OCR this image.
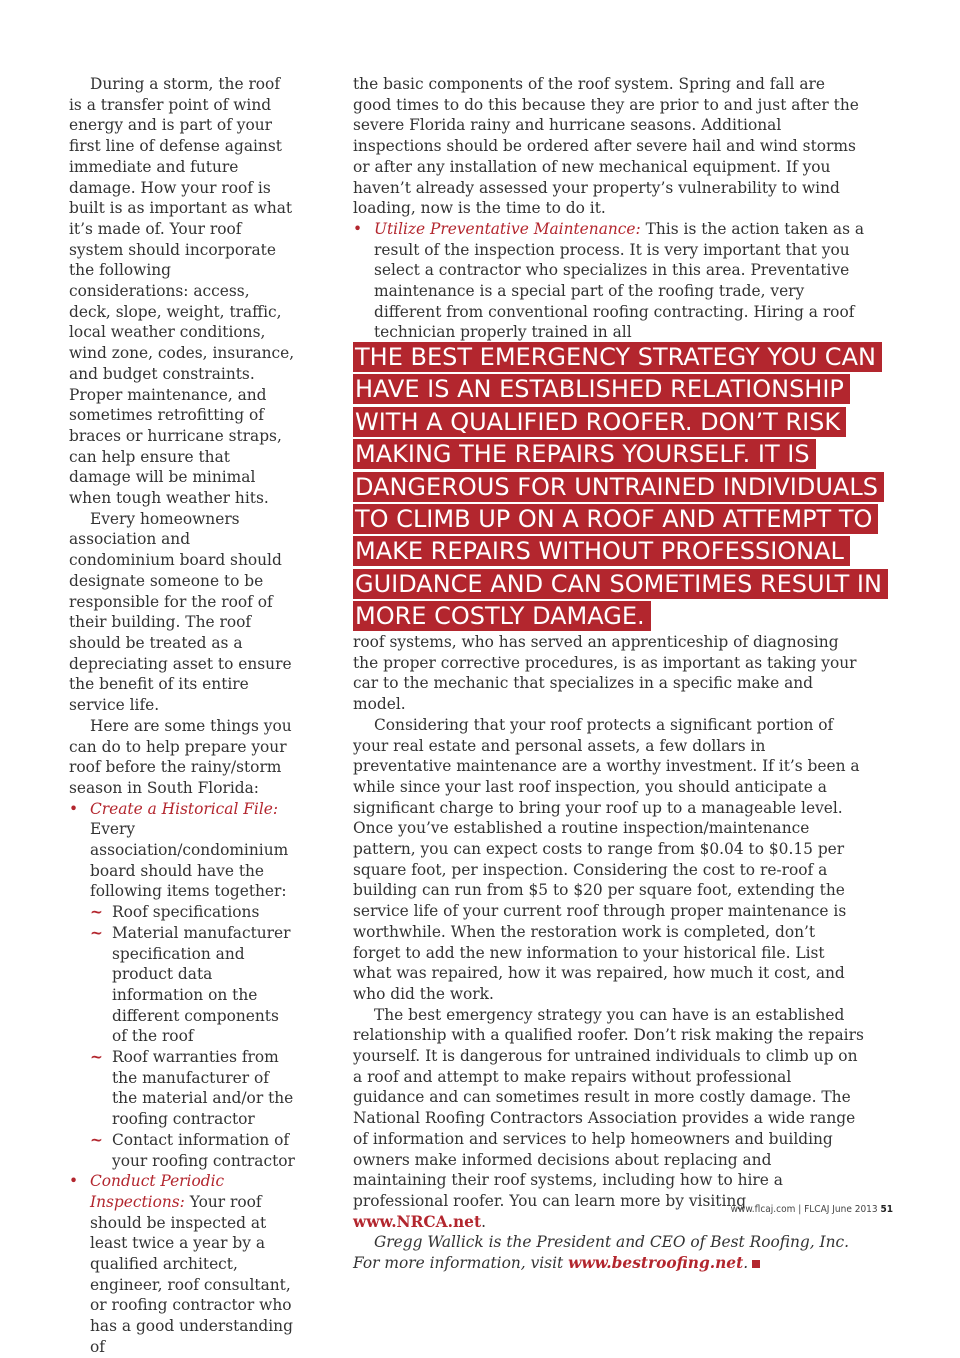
During a storm, the roof is a transfer point of wind energy and is part of your first line of defense against immediate and future damage. How your roof is built is as important as what it’s made of. Your roof system should incorporate the following considerations: access, deck, slope, weight, traffic, local weather conditions, wind zone, codes, insurance, and budget constraints. Proper maintenance, and sometimes retrofitting of braces or hurricane straps, can help ensure that damage will be minimal when tough weather hits.

Every homeowners association and condominium board should designate someone to be responsible for the roof of their building. The roof should be treated as a depreciating asset to ensure the benefit of its entire service life.

Here are some things you can do to help prepare your roof before the rainy/storm season in South Florida:

• Create a Historical File: Every association/condominium board should have the following items together:
~ Roof specifications
~ Material manufacturer specification and product data information on the different components of the roof
~ Roof warranties from the manufacturer of the material and/or the roofing contractor
~ Contact information of your roofing contractor
• Conduct Periodic Inspections: Your roof should be inspected at least twice a year by a qualified architect, engineer, roof consultant, or roofing contractor who has a good understanding of

the basic components of the roof system. Spring and fall are good times to do this because they are prior to and just after the severe Florida rainy and hurricane seasons. Additional inspections should be ordered after severe hail and wind storms or after any installation of new mechanical equipment. If you haven’t already assessed your property’s vulnerability to wind loading, now is the time to do it.

• Utilize Preventative Maintenance: This is the action taken as a result of the inspection process. It is very important that you select a contractor who specializes in this area. Preventative maintenance is a special part of the roofing trade, very different from conventional roofing contracting. Hiring a roof technician properly trained in all
THE BEST EMERGENCY STRATEGY YOU CAN HAVE IS AN ESTABLISHED RELATIONSHIP WITH A QUALIFIED ROOFER. DON’T RISK MAKING THE REPAIRS YOURSELF. IT IS DANGEROUS FOR UNTRAINED INDIVIDUALS TO CLIMB UP ON A ROOF AND ATTEMPT TO MAKE REPAIRS WITHOUT PROFESSIONAL GUIDANCE AND CAN SOMETIMES RESULT IN MORE COSTLY DAMAGE.

roof systems, who has served an apprenticeship of diagnosing the proper corrective procedures, is as important as taking your car to the mechanic that specializes in a specific make and model.

Considering that your roof protects a significant portion of your real estate and personal assets, a few dollars in preventative maintenance are a worthy investment. If it’s been a while since your last roof inspection, you should anticipate a significant charge to bring your roof up to a manageable level. Once you’ve established a routine inspection/maintenance pattern, you can expect costs to range from $0.04 to $0.15 per square foot, per inspection. Considering the cost to re-roof a building can run from $5 to $20 per square foot, extending the service life of your current roof through proper maintenance is worthwhile. When the restoration work is completed, don’t forget to add the new information to your historical file. List what was repaired, how it was repaired, how much it cost, and who did the work.

The best emergency strategy you can have is an established relationship with a qualified roofer. Don’t risk making the repairs yourself. It is dangerous for untrained individuals to climb up on a roof and attempt to make repairs without professional guidance and can sometimes result in more costly damage. The National Roofing Contractors Association provides a wide range of information and services to help homeowners and building owners make informed decisions about replacing and maintaining their roof systems, including how to hire a professional roofer. You can learn more by visiting www.NRCA.net.

Gregg Wallick is the President and CEO of Best Roofing, Inc. For more information, visit www.bestroofing.net.

www.flcaj.com | FLCAJ June 2013 51
